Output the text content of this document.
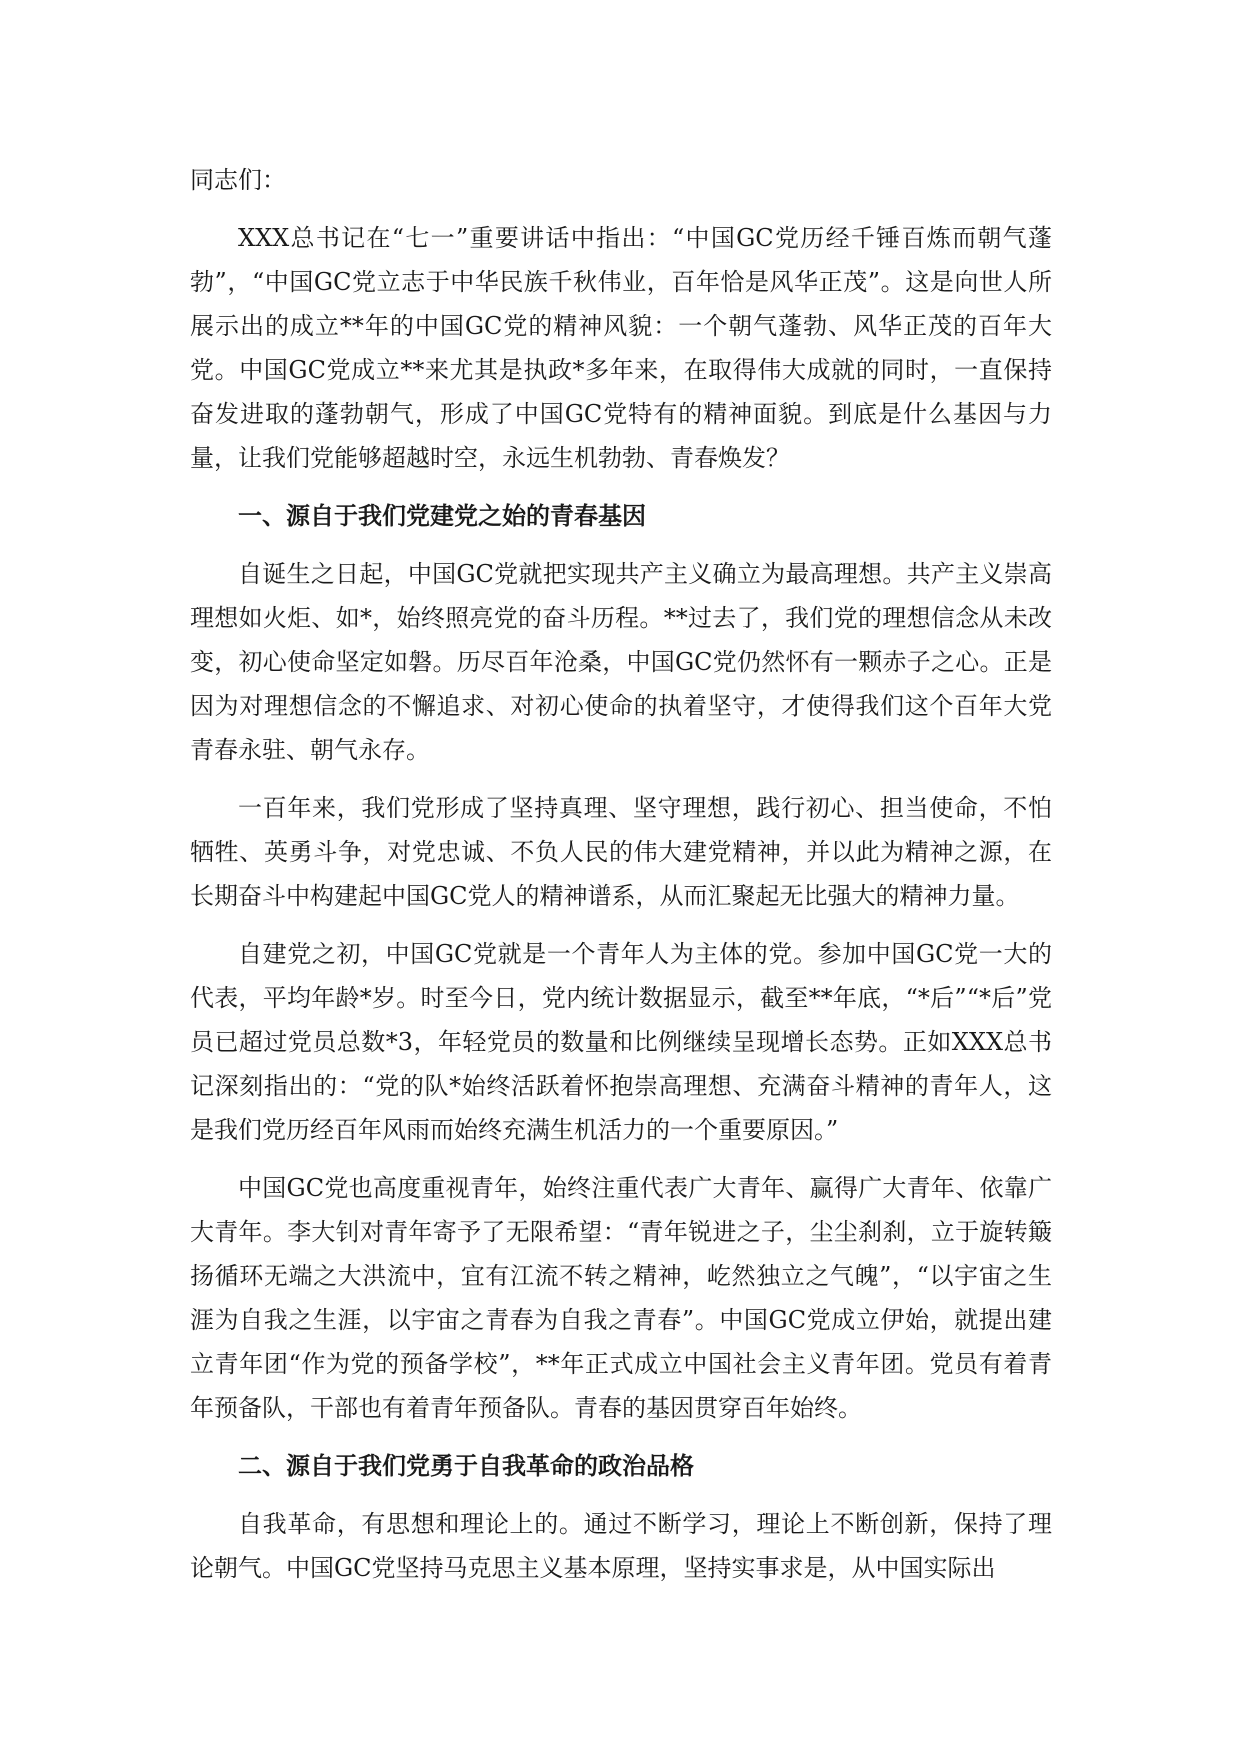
同志们：

XXX总书记在“七一”重要讲话中指出：“中国GC党历经千锤百炼而朝气蓬勃”，“中国GC党立志于中华民族千秋伟业，百年恰是风华正茂”。这是向世人所展示出的成立**年的中国GC党的精神风貌：一个朝气蓬勃、风华正茂的百年大党。中国GC党成立**来尤其是执政*多年来，在取得伟大成就的同时，一直保持奋发进取的蓬勃朝气，形成了中国GC党特有的精神面貌。到底是什么基因与力量，让我们党能够超越时空，永远生机勃勃、青春焕发？

一、源自于我们党建党之始的青春基因

自诞生之日起，中国GC党就把实现共产主义确立为最高理想。共产主义崇高理想如火炬、如*，始终照亮党的奋斗历程。**过去了，我们党的理想信念从未改变，初心使命坚定如磐。历尽百年沧桑，中国GC党仍然怀有一颗赤子之心。正是因为对理想信念的不懈追求、对初心使命的执着坚守，才使得我们这个百年大党青春永驻、朝气永存。

一百年来，我们党形成了坚持真理、坚守理想，践行初心、担当使命，不怕牺牲、英勇斗争，对党忠诚、不负人民的伟大建党精神，并以此为精神之源，在长期奋斗中构建起中国GC党人的精神谱系，从而汇聚起无比强大的精神力量。

自建党之初，中国GC党就是一个青年人为主体的党。参加中国GC党一大的代表，平均年龄*岁。时至今日，党内统计数据显示，截至**年底，“*后”“*后”党员已超过党员总数*3，年轻党员的数量和比例继续呈现增长态势。正如XXX总书记深刻指出的：“党的队*始终活跃着怀抱崇高理想、充满奋斗精神的青年人，这是我们党历经百年风雨而始终充满生机活力的一个重要原因。”

中国GC党也高度重视青年，始终注重代表广大青年、赢得广大青年、依靠广大青年。李大钊对青年寄予了无限希望：“青年锐进之子，尘尘刹刹，立于旋转簸扬循环无端之大洪流中，宜有江流不转之精神，屹然独立之气魄”，“以宇宙之生涯为自我之生涯，以宇宙之青春为自我之青春”。中国GC党成立伊始，就提出建立青年团“作为党的预备学校”，**年正式成立中国社会主义青年团。党员有着青年预备队，干部也有着青年预备队。青春的基因贯穿百年始终。

二、源自于我们党勇于自我革命的政治品格

自我革命，有思想和理论上的。通过不断学习，理论上不断创新，保持了理论朝气。中国GC党坚持马克思主义基本原理，坚持实事求是，从中国实际出
